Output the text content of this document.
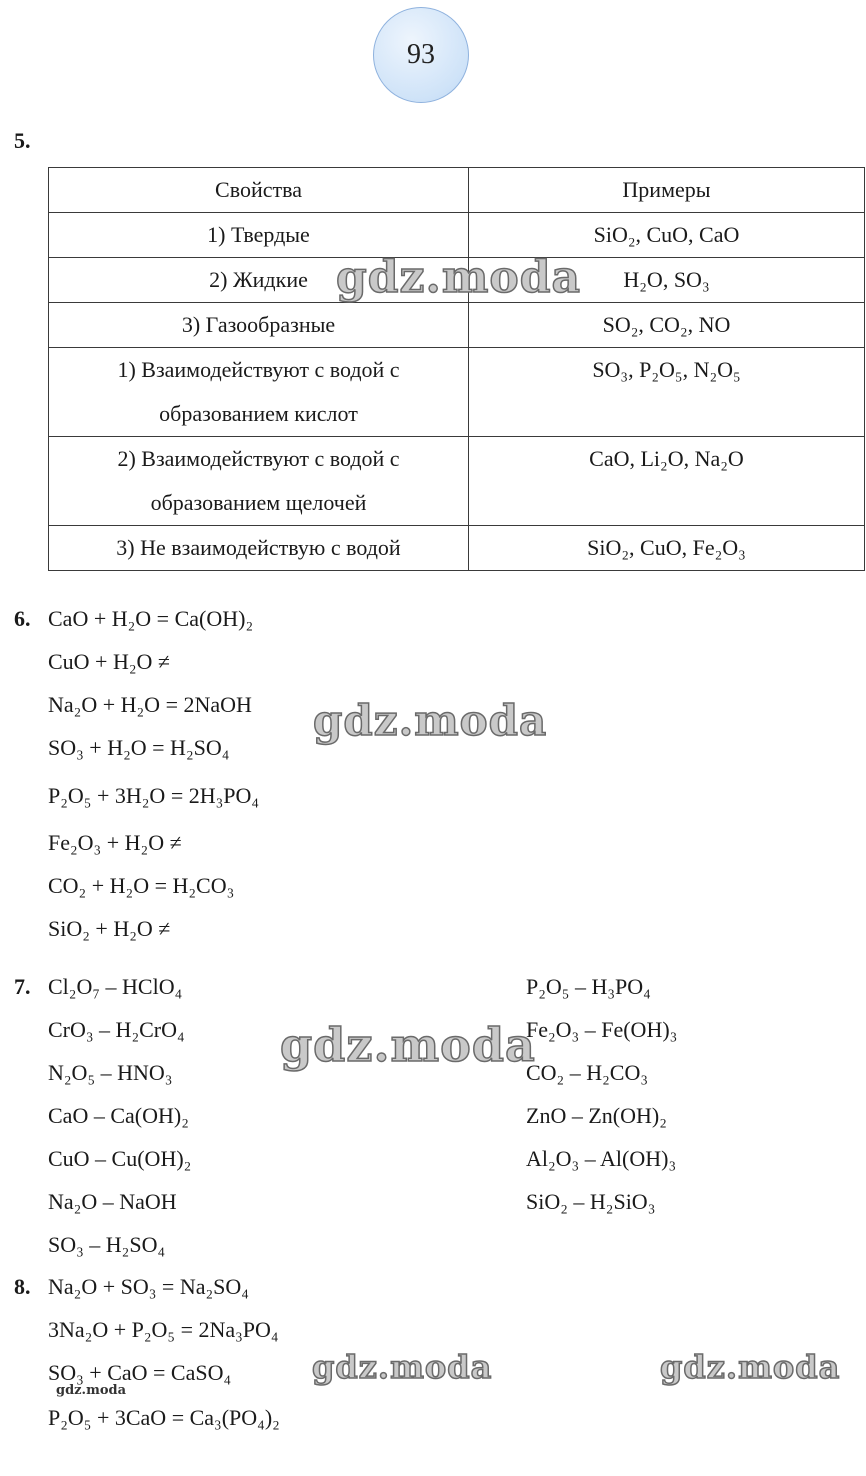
93
5.
Свойства	Примеры
1) Твердые	SiO₂, CuO, CaO
2) Жидкие	H₂O, SO₃
3) Газообразные	SO₂, CO₂, NO

1) Взаимодействуют с водой с
образованием кислот	SO₃, P₂O₅, N₂O₅

2) Взаимодействуют с водой с
образованием щелочей	CaO, Li₂O, Na₂O
3) Не взаимодействую с водой	SiO₂, CuO, Fe₂O₃
6. CaO + H₂O = Ca(OH)₂
CuO + H₂O ≠
Na₂O + H₂O = 2NaOH
SO₃ + H₂O = H₂SO₄
P₂O₅ + 3H₂O = 2H₃PO₄
Fe₂O₃ + H₂O ≠
CO₂ + H₂O = H₂CO₃
SiO₂ + H₂O ≠
7. Cl₂O₇ – HClO₄
CrO₃ – H₂CrO₄
N₂O₅ – HNO₃
CaO – Ca(OH)₂
CuO – Cu(OH)₂
Na₂O – NaOH
SO₃ – H₂SO₄
P₂O₅ – H₃PO₄
Fe₂O₃ – Fe(OH)₃
CO₂ – H₂CO₃
ZnO – Zn(OH)₂
Al₂O₃ – Al(OH)₃
SiO₂ – H₂SiO₃
8. Na₂O + SO₃ = Na₂SO₄
3Na₂O + P₂O₅ = 2Na₃PO₄
SO₃ + CaO = CaSO₄
P₂O₅ + 3CaO = Ca₃(PO₄)₂
gdz.moda
gdz.moda
gdz.moda
gdz.moda	gdz.moda
gdz.moda
